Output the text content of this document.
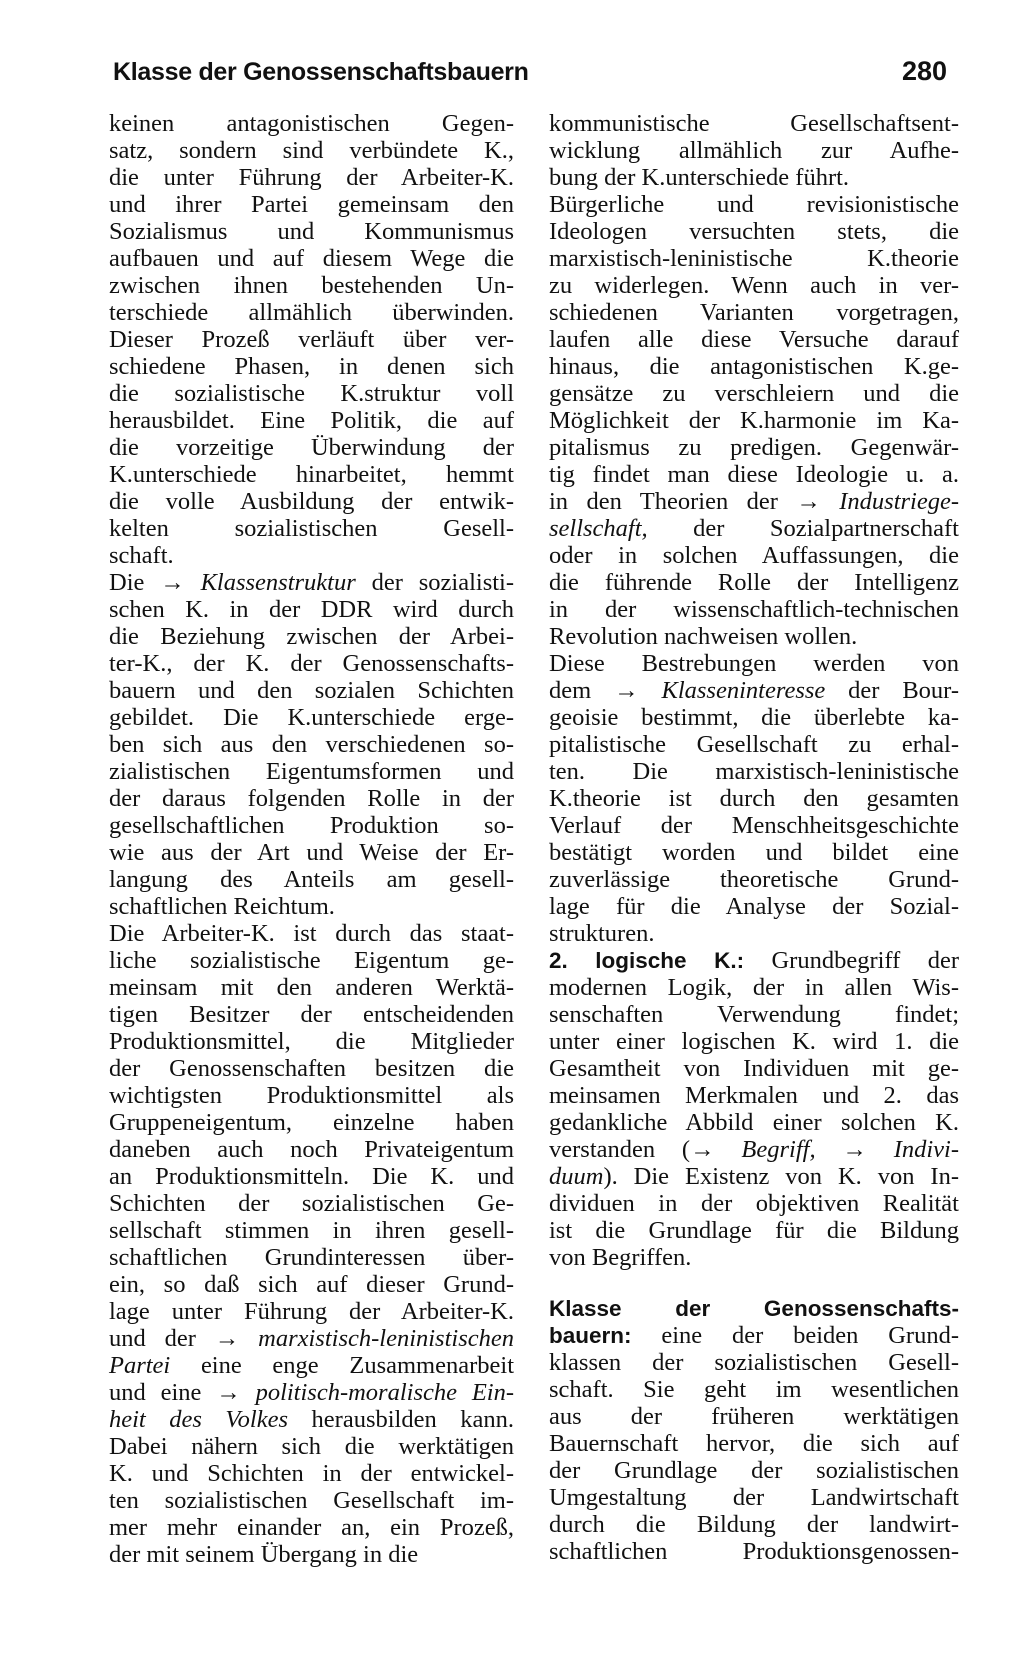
Klasse der Genossenschaftsbauern	280
keinen antagonistischen Gegen-
satz, sondern sind verbündete K.,
die unter Führung der Arbeiter-K.
und ihrer Partei gemeinsam den
Sozialismus und Kommunismus
aufbauen und auf diesem Wege die
zwischen ihnen bestehenden Un-
terschiede allmählich überwinden.
Dieser Prozeß verläuft über ver-
schiedene Phasen, in denen sich
die sozialistische K.struktur voll
herausbildet. Eine Politik, die auf
die vorzeitige Überwindung der
K.unterschiede hinarbeitet, hemmt
die volle Ausbildung der entwik-
kelten sozialistischen Gesell-
schaft.
Die → Klassenstruktur der sozialisti-
schen K. in der DDR wird durch
die Beziehung zwischen der Arbei-
ter-K., der K. der Genossenschafts-
bauern und den sozialen Schichten
gebildet. Die K.unterschiede erge-
ben sich aus den verschiedenen so-
zialistischen Eigentumsformen und
der daraus folgenden Rolle in der
gesellschaftlichen Produktion so-
wie aus der Art und Weise der Er-
langung des Anteils am gesell-
schaftlichen Reichtum.
Die Arbeiter-K. ist durch das staat-
liche sozialistische Eigentum ge-
meinsam mit den anderen Werktä-
tigen Besitzer der entscheidenden
Produktionsmittel, die Mitglieder
der Genossenschaften besitzen die
wichtigsten Produktionsmittel als
Gruppeneigentum, einzelne haben
daneben auch noch Privateigentum
an Produktionsmitteln. Die K. und
Schichten der sozialistischen Ge-
sellschaft stimmen in ihren gesell-
schaftlichen Grundinteressen über-
ein, so daß sich auf dieser Grund-
lage unter Führung der Arbeiter-K.
und der → marxistisch-leninistischen
Partei eine enge Zusammenarbeit
und eine → politisch-moralische Ein-
heit des Volkes herausbilden kann.
Dabei nähern sich die werktätigen
K. und Schichten in der entwickel-
ten sozialistischen Gesellschaft im-
mer mehr einander an, ein Prozeß,
der mit seinem Übergang in die
kommunistische Gesellschaftsent-
wicklung allmählich zur Aufhe-
bung der K.unterschiede führt.
Bürgerliche und revisionistische
Ideologen versuchten stets, die
marxistisch-leninistische K.theorie
zu widerlegen. Wenn auch in ver-
schiedenen Varianten vorgetragen,
laufen alle diese Versuche darauf
hinaus, die antagonistischen K.ge-
gensätze zu verschleiern und die
Möglichkeit der K.harmonie im Ka-
pitalismus zu predigen. Gegenwär-
tig findet man diese Ideologie u. a.
in den Theorien der → Industriege-
sellschaft, der Sozialpartnerschaft
oder in solchen Auffassungen, die
die führende Rolle der Intelligenz
in der wissenschaftlich-technischen
Revolution nachweisen wollen.
Diese Bestrebungen werden von
dem → Klasseninteresse der Bour-
geoisie bestimmt, die überlebte ka-
pitalistische Gesellschaft zu erhal-
ten. Die marxistisch-leninistische
K.theorie ist durch den gesamten
Verlauf der Menschheitsgeschichte
bestätigt worden und bildet eine
zuverlässige theoretische Grund-
lage für die Analyse der Sozial-
strukturen.
2. logische K.: Grundbegriff der
modernen Logik, der in allen Wis-
senschaften Verwendung findet;
unter einer logischen K. wird 1. die
Gesamtheit von Individuen mit ge-
meinsamen Merkmalen und 2. das
gedankliche Abbild einer solchen K.
verstanden (→ Begriff, → Indivi-
duum). Die Existenz von K. von In-
dividuen in der objektiven Realität
ist die Grundlage für die Bildung
von Begriffen.
Klasse der Genossenschafts-
bauern: eine der beiden Grund-
klassen der sozialistischen Gesell-
schaft. Sie geht im wesentlichen
aus der früheren werktätigen
Bauernschaft hervor, die sich auf
der Grundlage der sozialistischen
Umgestaltung der Landwirtschaft
durch die Bildung der landwirt-
schaftlichen Produktionsgenossen-
